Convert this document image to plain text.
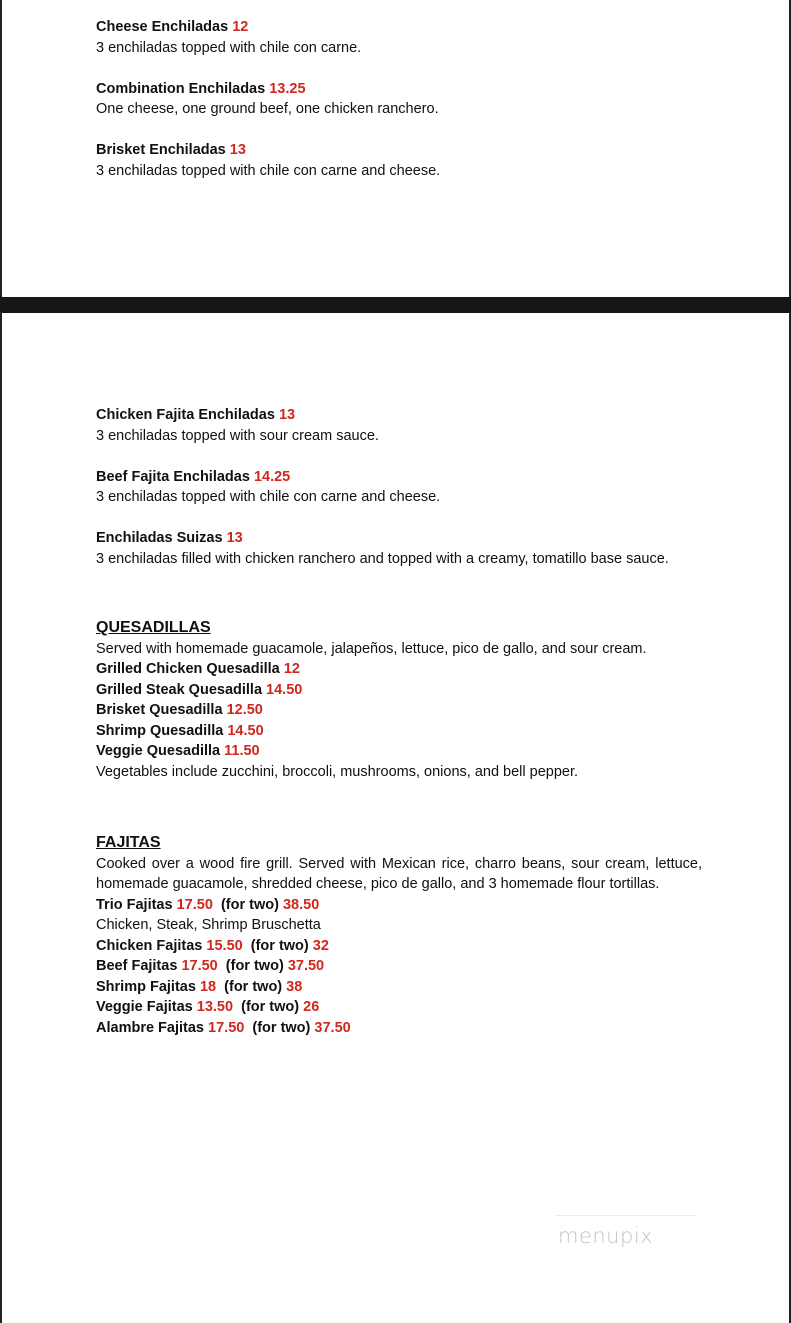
Cheese Enchiladas 12
3 enchiladas topped with chile con carne.
Combination Enchiladas 13.25
One cheese, one ground beef, one chicken ranchero.
Brisket Enchiladas 13
3 enchiladas topped with chile con carne and cheese.
Chicken Fajita Enchiladas 13
3 enchiladas topped with sour cream sauce.
Beef Fajita Enchiladas 14.25
3 enchiladas topped with chile con carne and cheese.
Enchiladas Suizas 13
3 enchiladas filled with chicken ranchero and topped with a creamy, tomatillo base sauce.
QUESADILLAS
Served with homemade guacamole, jalapeños, lettuce, pico de gallo, and sour cream.
Grilled Chicken Quesadilla 12
Grilled Steak Quesadilla 14.50
Brisket Quesadilla 12.50
Shrimp Quesadilla 14.50
Veggie Quesadilla 11.50
Vegetables include zucchini, broccoli, mushrooms, onions, and bell pepper.
FAJITAS
Cooked over a wood fire grill. Served with Mexican rice, charro beans, sour cream, lettuce, homemade guacamole, shredded cheese, pico de gallo, and 3 homemade flour tortillas.
Trio Fajitas 17.50 (for two) 38.50
Chicken, Steak, Shrimp Bruschetta
Chicken Fajitas 15.50 (for two) 32
Beef Fajitas 17.50 (for two) 37.50
Shrimp Fajitas 18 (for two) 38
Veggie Fajitas 13.50 (for two) 26
Alambre Fajitas 17.50 (for two) 37.50
menupix
